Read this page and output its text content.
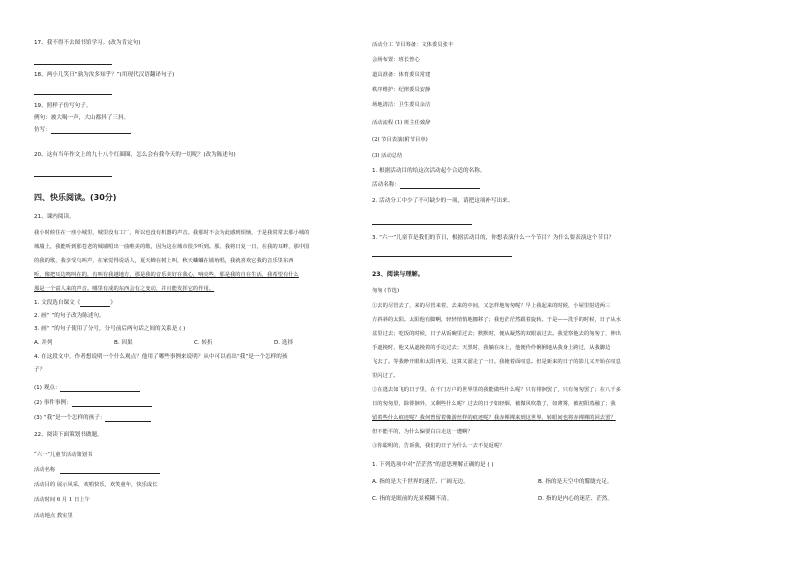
17、我不得不去图书馆学习。(改为肯定句)
18、两小儿笑曰“孰为汝多知乎？”(用现代汉语翻译句子)
19、照样子仿写句子。
例句：被大喝一声，大山都抖了三抖。
仿写：
20、这有当年作文上的九十八个红圈圈，怎么会有我今天的一切呢？(改为陈述句)
四、快乐阅读。(30分)
21、课内阅读。
我小时候住在一座小城里，城里没有工厂，所以也没有机器的声音。我那时不会为此感到烦恼，于是我常常去那小城的
城墙上，我能听到那苍老的城墙唱出一曲唯美的歌，因为这在城市很少听到。那，我将日复一日，在我的耳畔，那中国
的我的歌，我享受乌叫声，在家觉得说话人，夏天蝉在树上叫，秋天蛐蛐在墙角唱，我就喜欢它我的音乐里东西
听，像把耳边鸣叫在的，有叫有我越地方，那是我的音乐美好在我心，响亮些，那是我的自在生活，我希望有什么
那是一个富人来的声音。哪里有成的东西会有之变动，并且能发挥它的作用。
1. 文段选自课文《	》
2. 画“ ”的句子改为陈述句。
3. 画“ ”的句子使用了分号，分号前后两句话之间的关系是 ( )
A. 并列	B. 因果	C. 转折	D. 选择
4. 在这段文中，作者想说明一个什么观点？他用了哪些事例来说明？从中可以看出“我”是一个怎样的孩
子？
(1) 观点：
(2) 事件事例：
(3) “我”是一个怎样的孩子：
22、阅读下面策划书做题。
“六一”儿童节活动策划书
活动名称
活动目的 展示风采，欢唱快乐，欢笑童年，快乐成长
活动时间 6 月 1 日上午
活动地点 教室里
活动分工 节目筹备：文体委员张丰
会场布置：班长曾心
道具准备：体育委员常建
秩序维护：纪律委员安静
场地清洁：卫生委员余洁
活动流程 (1) 班主任致辞
(2) 节目表演(附节目单)
(3) 活动总结
1. 根据活动目的给这次活动起个合适的名称。
活动名称：
2. 活动分工中少了不可缺少的一项，请把这项补写出来。
3. “六一”儿童节是我们的节日，根据活动目的，你想表演什么一个节目？为什么要表演这个节目？
23、阅读与理解。
匆匆 (节选)
①去的尽管去了，来的尽管来着，去来的中间，又怎样地匆匆呢？早上我起来的时候，小屋里射进两三
方斜斜的太阳。太阳他有脚啊，轻轻悄悄地挪移了；我也茫茫然跟着旋转。于是——洗手的时候，日子从水
盆里过去；吃饭的时候，日子从饭碗里过去；默默时，便从凝然的双眼前过去。我觉察他去的匆匆了，伸出
手遮挽时，他又从遮挽着的手边过去；天黑时，我躺在床上，他便伶伶俐俐地从我身上跨过，从我脚边
飞去了。等我睁开眼和太阳再见，这算又溜走了一日。我掩着面叹息。但是新来的日子的影儿又开始在叹息
里闪过了。
②在逃去如飞的日子里，在千门万户的世界里的我能做些什么呢？只有徘徊罢了，只有匆匆罢了；在八千多
日的匆匆里，除徘徊外，又剩些什么呢？过去的日子如轻烟，被微风吹散了，如薄雾，被初阳蒸融了；我
留着些什么痕迹呢？我何曾留着像游丝样的痕迹呢？我赤裸裸来到这世界，转眼间也将赤裸裸的回去罢？
但不能平的，为什么偏要白白走这一遭啊？
③你聪明的，告诉我，我们的日子为什么一去不复返呢？
1. 下列选项中对“茫茫然”的意思理解正确的是 ( )
A. 指的是大千世界的迷茫、广阔无边。	B. 指的是天空中的朦胧充足。
C. 指的是眼前的光景模糊不清。	D. 指的是内心的迷茫、茫然。
